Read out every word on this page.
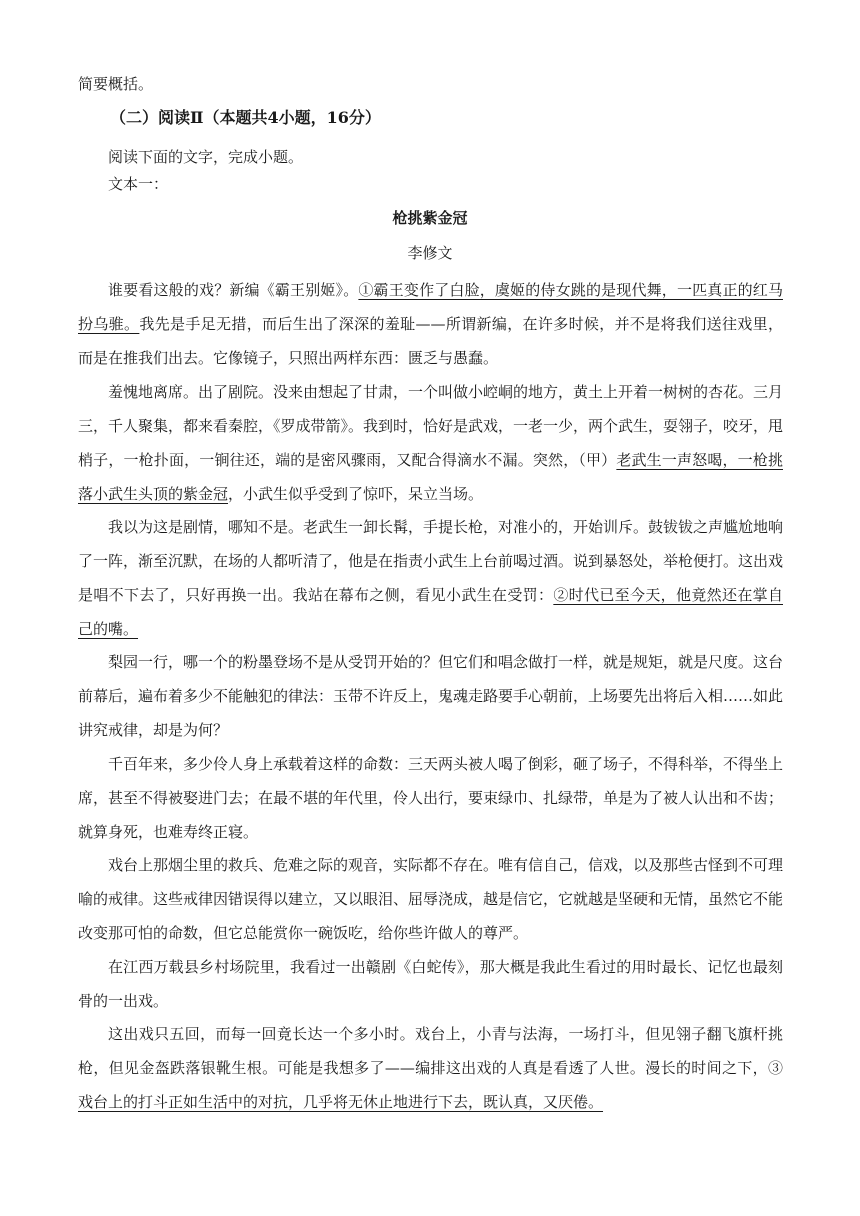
简要概括。
（二）阅读Ⅱ（本题共4小题，16分）
阅读下面的文字，完成小题。
文本一：
枪挑紫金冠
李修文

谁要看这般的戏？新编《霸王别姬》。①霸王变作了白脸，虞姬的侍女跳的是现代舞，一匹真正的红马扮乌骓。我先是手足无措，而后生出了深深的羞耻——所谓新编，在许多时候，并不是将我们送往戏里，而是在推我们出去。它像镜子，只照出两样东西：匮乏与愚蠢。

羞愧地离席。出了剧院。没来由想起了甘肃，一个叫做小崆峒的地方，黄土上开着一树树的杏花。三月三，千人聚集，都来看秦腔，《罗成带箭》。我到时，恰好是武戏，一老一少，两个武生，耍翎子，咬牙，甩梢子，一枪扑面，一锏往还，端的是密风骤雨，又配合得滴水不漏。突然，（甲）老武生一声怒喝，一枪挑落小武生头顶的紫金冠，小武生似乎受到了惊吓，呆立当场。

我以为这是剧情，哪知不是。老武生一卸长髯，手提长枪，对准小的，开始训斥。鼓钹钹之声尴尬地响了一阵，渐至沉默，在场的人都听清了，他是在指责小武生上台前喝过酒。说到暴怒处，举枪便打。这出戏是唱不下去了，只好再换一出。我站在幕布之侧，看见小武生在受罚：②时代已至今天，他竟然还在掌自己的嘴。

梨园一行，哪一个的粉墨登场不是从受罚开始的？但它们和唱念做打一样，就是规矩，就是尺度。这台前幕后，遍布着多少不能触犯的律法：玉带不许反上，鬼魂走路要手心朝前，上场要先出将后入相……如此讲究戒律，却是为何？

千百年来，多少伶人身上承载着这样的命数：三天两头被人喝了倒彩，砸了场子，不得科举，不得坐上席，甚至不得被娶进门去；在最不堪的年代里，伶人出行，要束绿巾、扎绿带，单是为了被人认出和不齿；就算身死，也难寿终正寝。

戏台上那烟尘里的救兵、危难之际的观音，实际都不存在。唯有信自己，信戏，以及那些古怪到不可理喻的戒律。这些戒律因错误得以建立，又以眼泪、屈辱浇成，越是信它，它就越是坚硬和无情，虽然它不能改变那可怕的命数，但它总能赏你一碗饭吃，给你些许做人的尊严。

在江西万载县乡村场院里，我看过一出赣剧《白蛇传》，那大概是我此生看过的用时最长、记忆也最刻骨的一出戏。

这出戏只五回，而每一回竟长达一个多小时。戏台上，小青与法海，一场打斗，但见翎子翻飞旗杆挑枪，但见金盔跌落银靴生根。可能是我想多了——编排这出戏的人真是看透了人世。漫长的时间之下，③戏台上的打斗正如生活中的对抗，几乎将无休止地进行下去，既认真，又厌倦。
